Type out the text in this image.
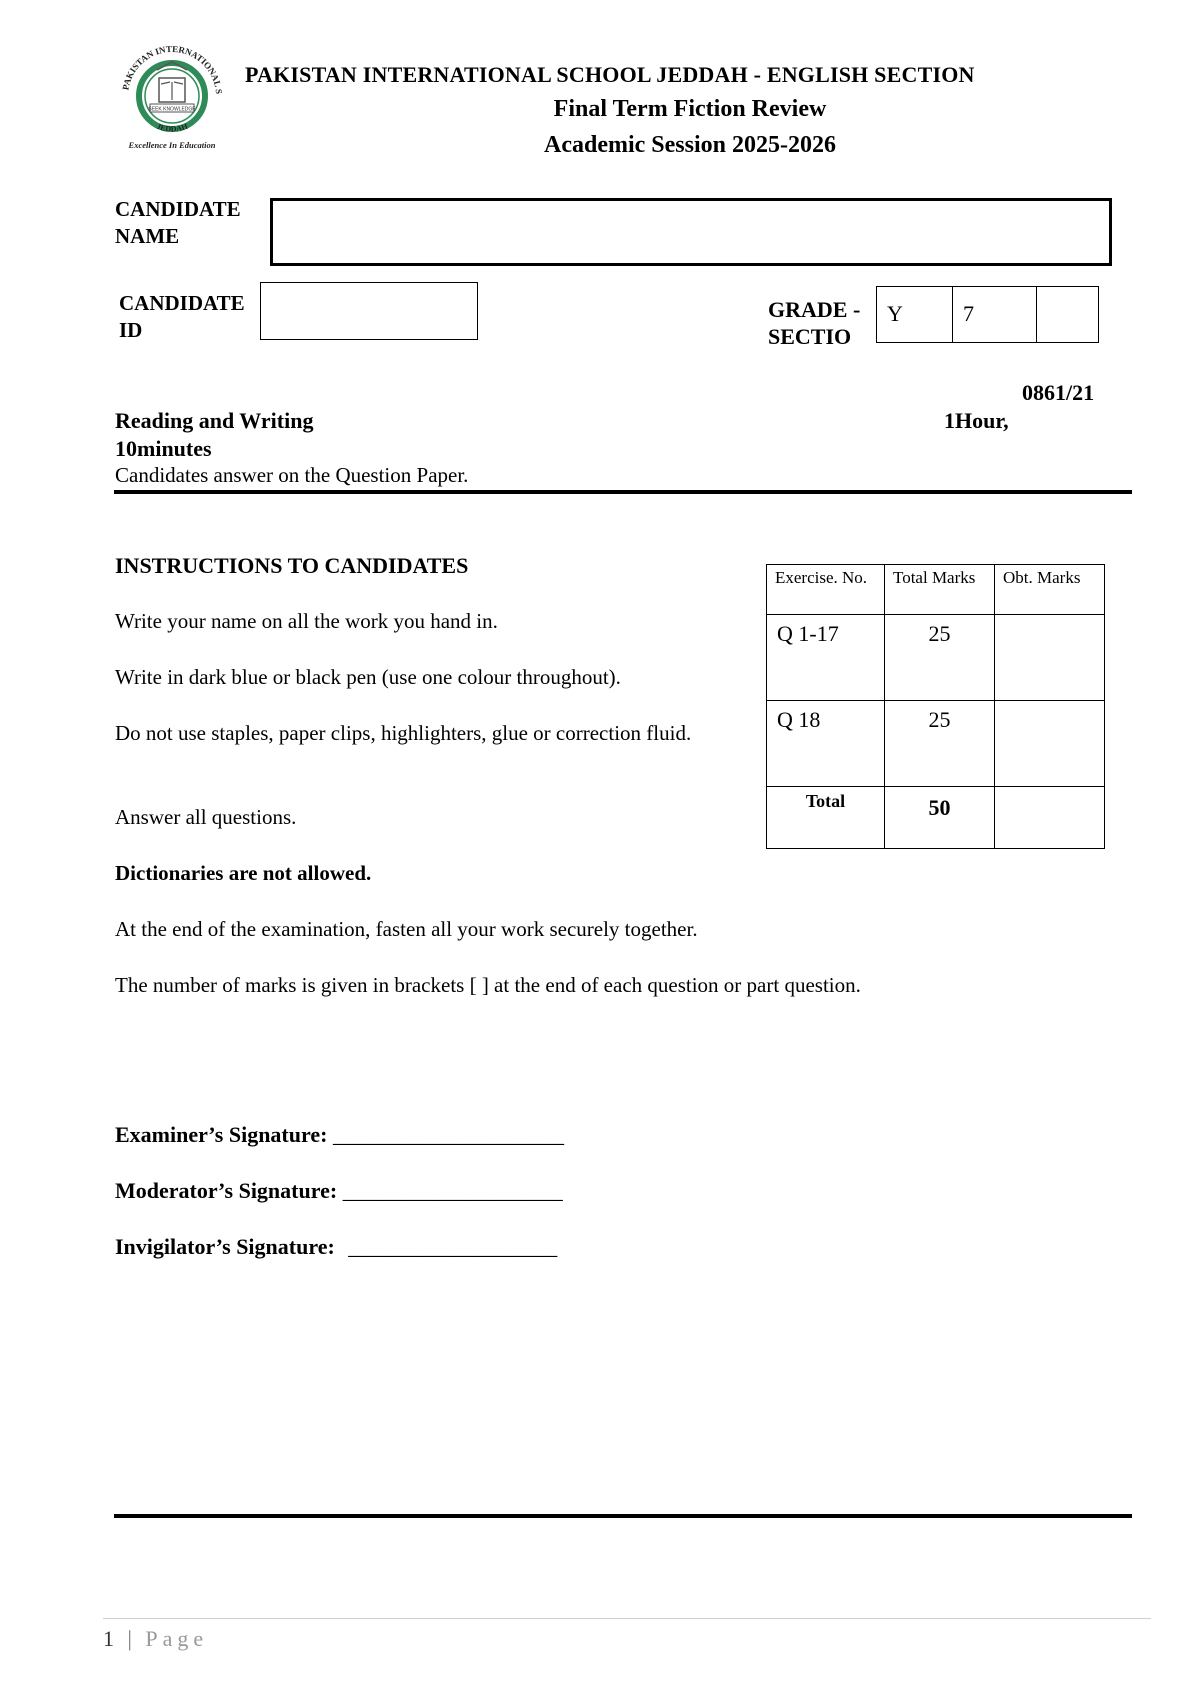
PAKISTAN INTERNATIONAL S
JEDDAH
SEEK KNOWLEDGE
Excellence In Education
PAKISTAN INTERNATIONAL SCHOOL JEDDAH - ENGLISH SECTION
Final Term Fiction Review
Academic Session 2025-2026
CANDIDATE
NAME
CANDIDATE
ID
GRADE -
SECTIO
Y	7	
0861/21
Reading and Writing	1Hour,
10minutes
Candidates answer on the Question Paper.
INSTRUCTIONS TO CANDIDATES
Write your name on all the work you hand in.
Write in dark blue or black pen (use one colour throughout).
Do not use staples, paper clips, highlighters, glue or correction fluid.
Answer all questions.
Dictionaries are not allowed.
At the end of the examination, fasten all your work securely together.
The number of marks is given in brackets [ ] at the end of each question or part question.
Exercise. No.	Total Marks	Obt. Marks
Q 1-17	25	
Q 18	25	
Total	50	
Examiner’s Signature: _____________________
Moderator’s Signature: ____________________
Invigilator’s Signature: ___________________
1 | Page
